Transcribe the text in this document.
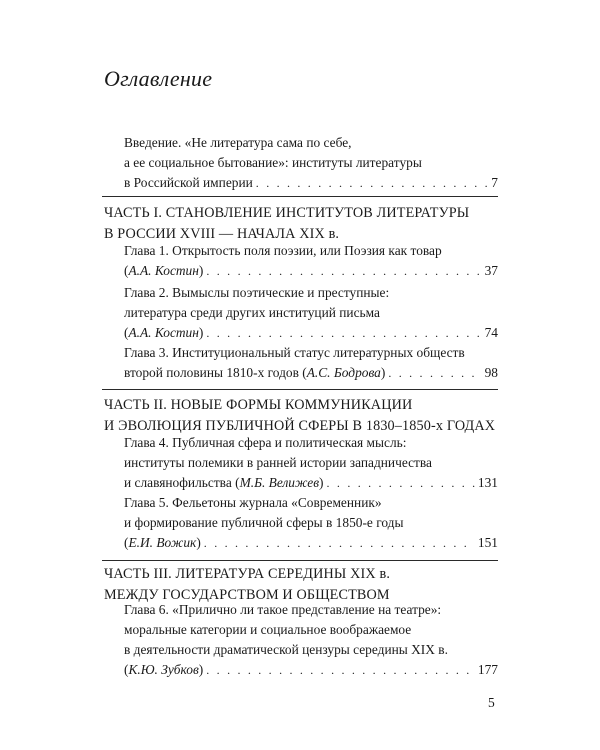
Оглавление
Введение. «Не литература сама по себе,
а ее социальное бытование»: институты литературы
в Российской империи . . .	7
ЧАСТЬ I. СТАНОВЛЕНИЕ ИНСТИТУТОВ ЛИТЕРАТУРЫ
В РОССИИ XVIII — НАЧАЛА XIX в.
Глава 1. Открытость поля поэзии, или Поэзия как товар
(А.А. Костин) . . .	37
Глава 2. Вымыслы поэтические и преступные:
литература среди других институций письма
(А.А. Костин) . . .	74
Глава 3. Институциональный статус литературных обществ
второй половины 1810-х годов (А.С. Бодрова) . . .	98
ЧАСТЬ II. НОВЫЕ ФОРМЫ КОММУНИКАЦИИ
И ЭВОЛЮЦИЯ ПУБЛИЧНОЙ СФЕРЫ В 1830–1850-х ГОДАХ
Глава 4. Публичная сфера и политическая мысль:
институты полемики в ранней истории западничества
и славянофильства (М.Б. Велижев) . . .	131
Глава 5. Фельетоны журнала «Современник»
и формирование публичной сферы в 1850-е годы
(Е.И. Вожик) . . .	151
ЧАСТЬ III. ЛИТЕРАТУРА СЕРЕДИНЫ XIX в.
МЕЖДУ ГОСУДАРСТВОМ И ОБЩЕСТВОМ
Глава 6. «Прилично ли такое представление на театре»:
моральные категории и социальное воображаемое
в деятельности драматической цензуры середины XIX в.
(К.Ю. Зубков) . . .	177
5
